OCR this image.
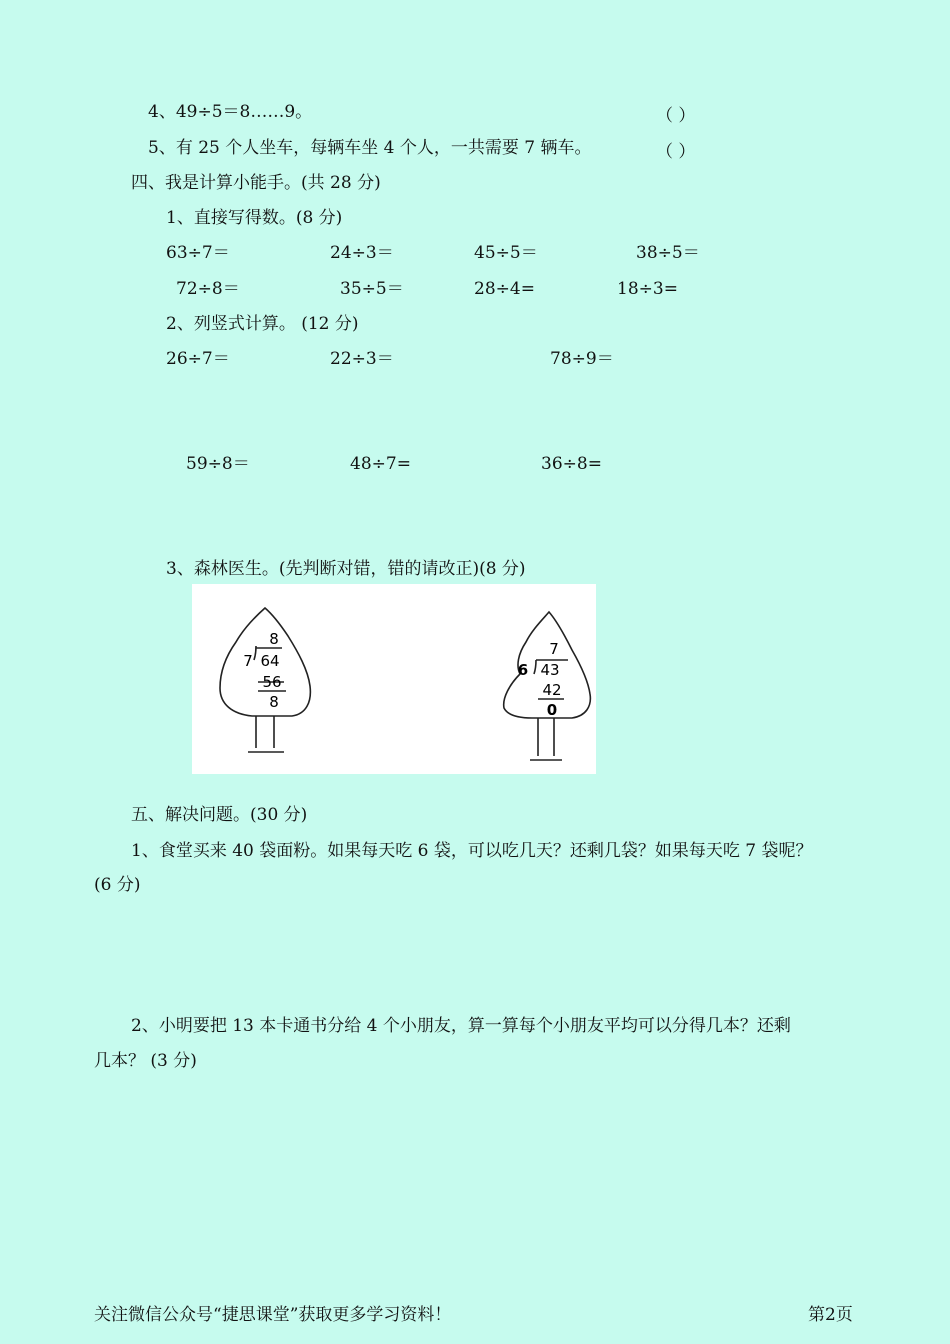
4、49÷5＝8……9。	（ ）
5、有 25 个人坐车，每辆车坐 4 个人，一共需要 7 辆车。	（ ）
四、我是计算小能手。(共 28 分)
1、直接写得数。(8 分)
63÷7＝	24÷3＝	45÷5＝	38÷5＝
72÷8＝	35÷5＝	28÷4=	18÷3=
2、列竖式计算。 (12 分)
26÷7＝	22÷3＝	78÷9＝
59÷8＝	48÷7=	36÷8=
3、森林医生。(先判断对错，错的请改正)(8 分)
8
7 64
56
8
7
6 43
42
0
五、解决问题。(30 分)
1、食堂买来 40 袋面粉。如果每天吃 6 袋，可以吃几天？还剩几袋？如果每天吃 7 袋呢？
(6 分)
2、小明要把 13 本卡通书分给 4 个小朋友，算一算每个小朋友平均可以分得几本？还剩
几本？ (3 分)
关注微信公众号“捷思课堂”获取更多学习资料！	第2页
